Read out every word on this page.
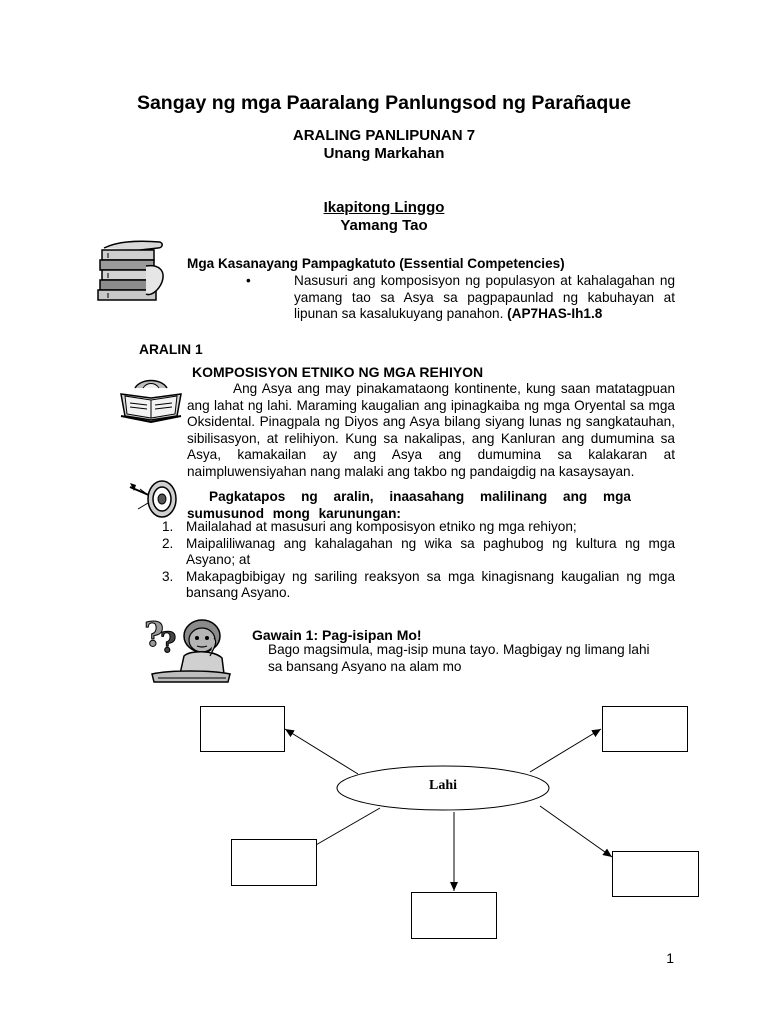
Sangay ng mga Paaralang Panlungsod ng Parañaque
ARALING PANLIPUNAN 7
Unang Markahan
Ikapitong Linggo
Yamang Tao
Mga Kasanayang Pampagkatuto (Essential Competencies)
• Nasusuri ang komposisyon ng populasyon at kahalagahan ng yamang tao sa Asya sa pagpapaunlad ng kabuhayan at lipunan sa kasalukuyang panahon. (AP7HAS-Ih1.8
ARALIN 1
KOMPOSISYON ETNIKO NG MGA REHIYON
Ang Asya ang may pinakamataong kontinente, kung saan matatagpuan ang lahat ng lahi. Maraming kaugalian ang ipinagkaiba ng mga Oryental sa mga Oksidental. Pinagpala ng Diyos ang Asya bilang siyang lunas ng sangkatauhan, sibilisasyon, at relihiyon. Kung sa nakalipas, ang Kanluran ang dumumina sa Asya, kamakailan ay ang Asya ang dumumina sa kalakaran at naimpluwensiyahan nang malaki ang takbo ng pandaigdig na kasaysayan.
Pagkatapos ng aralin, inaasahang malilinang ang mga sumusunod mong karunungan:
1. Mailalahad at masusuri ang komposisyon etniko ng mga rehiyon;
2. Maipaliliwanag ang kahalagahan ng wika sa paghubog ng kultura ng mga Asyano; at
3. Makapagbibigay ng sariling reaksyon sa mga kinagisnang kaugalian ng mga bansang Asyano.
?
?	Gawain 1: Pag-isipan Mo!
Bago magsimula, mag-isip muna tayo. Magbigay ng limang lahi sa bansang Asyano na alam mo
Lahi
1
